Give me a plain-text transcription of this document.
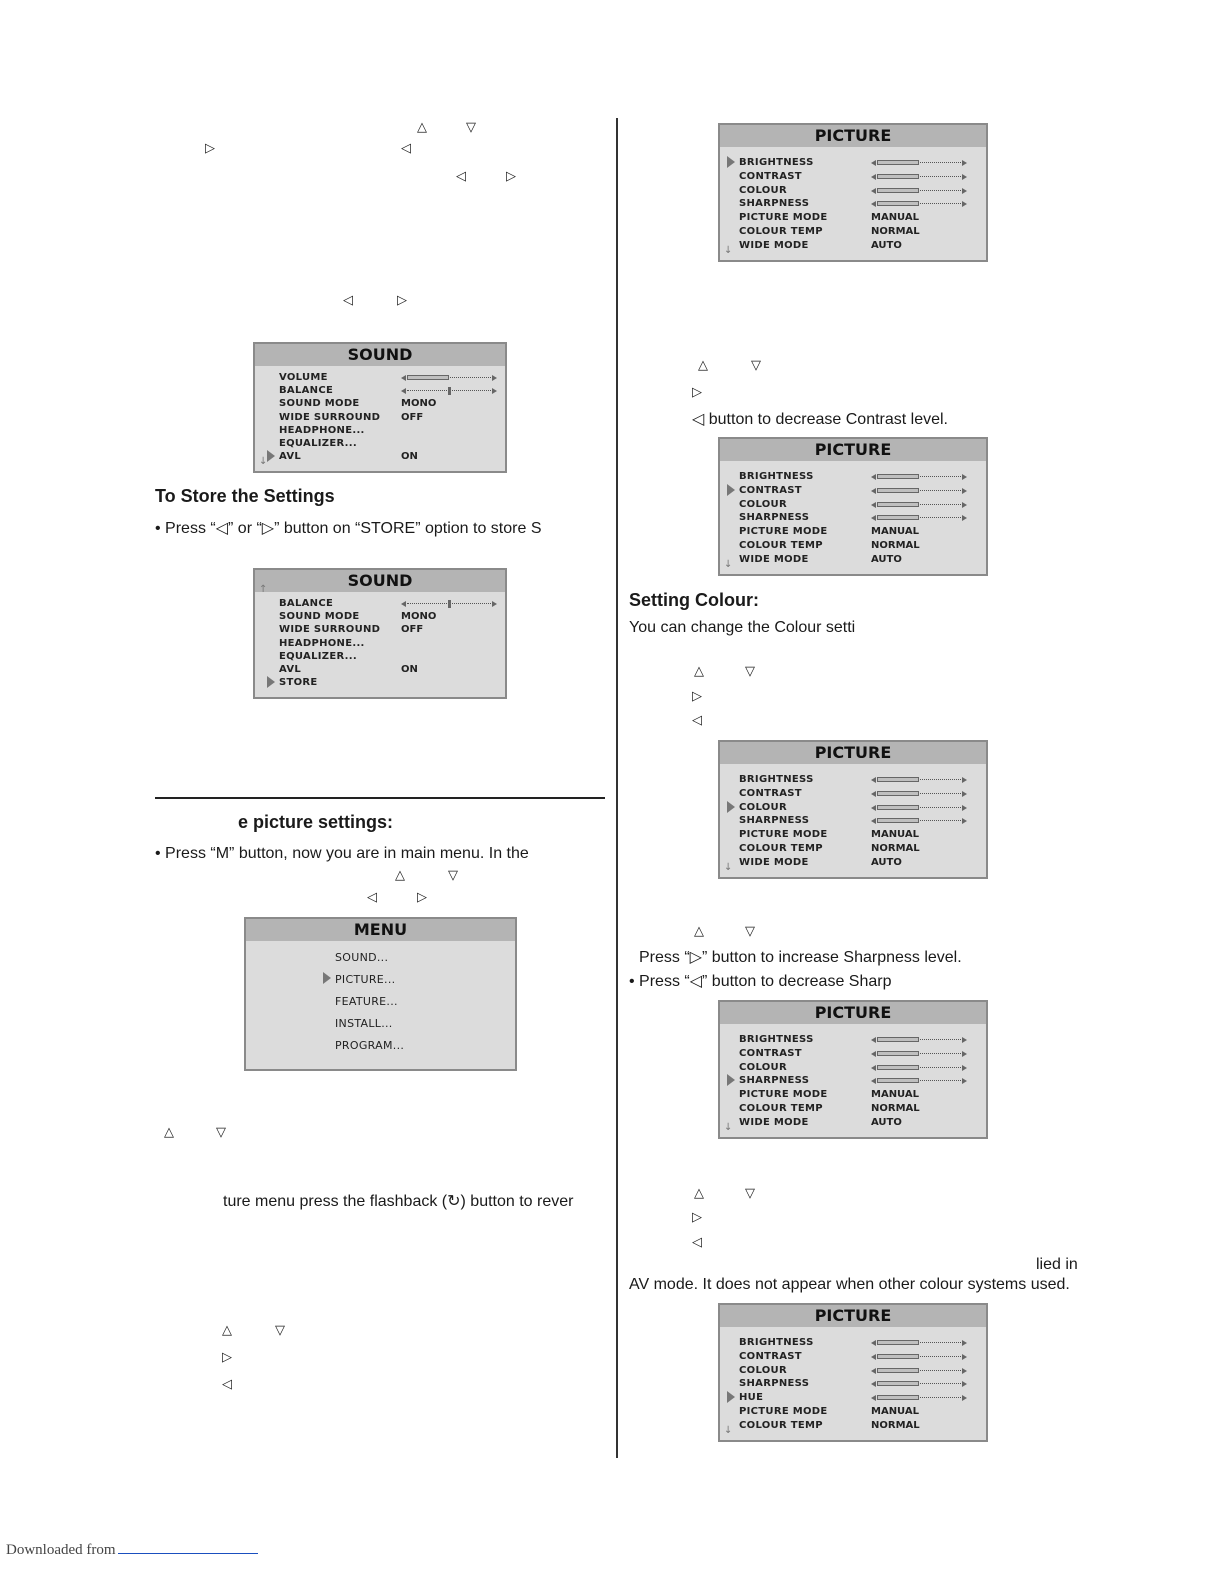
△	▽
▷	◁
◁	▷
◁	▷
SOUND
VOLUME
BALANCE
SOUND MODE	MONO
WIDE SURROUND OFF
HEADPHONE...
EQUALIZER...
AVL	ON
↓
To Store the Settings
• Press “◁” or “▷” button on “STORE” option to store S
SOUND
BALANCE
SOUND MODE	MONO
WIDE SURROUND OFF
HEADPHONE...
EQUALIZER...
AVL	ON
STORE
↑
e picture settings:
• Press “M” button, now you are in main menu. In the
△	▽
◁	▷
MENU
SOUND...
PICTURE...
FEATURE...
INSTALL...
PROGRAM...
△	▽
ture menu press the flashback (↻) button to rever
△	▽
▷
◁
PICTURE
BRIGHTNESS
CONTRAST
COLOUR
SHARPNESS
PICTURE MODE	MANUAL
COLOUR TEMP	NORMAL
WIDE MODE	AUTO
↓
△	▽
▷
◁ button to decrease Contrast level.
PICTURE
BRIGHTNESS
CONTRAST
COLOUR
SHARPNESS
PICTURE MODE	MANUAL
COLOUR TEMP	NORMAL
WIDE MODE	AUTO
↓
Setting Colour:
You can change the Colour setti
△	▽
▷
◁
PICTURE
BRIGHTNESS
CONTRAST
COLOUR
SHARPNESS
PICTURE MODE	MANUAL
COLOUR TEMP	NORMAL
WIDE MODE	AUTO
↓
△	▽
Press “▷” button to increase Sharpness level.
• Press “◁” button to decrease Sharp
PICTURE
BRIGHTNESS
CONTRAST
COLOUR
SHARPNESS
PICTURE MODE	MANUAL
COLOUR TEMP	NORMAL
WIDE MODE	AUTO
↓
△	▽
▷
◁
lied in
AV mode. It does not appear when other colour systems used.
PICTURE
BRIGHTNESS
CONTRAST
COLOUR
SHARPNESS
HUE
PICTURE MODE	MANUAL
COLOUR TEMP	NORMAL
↓
Downloaded from
